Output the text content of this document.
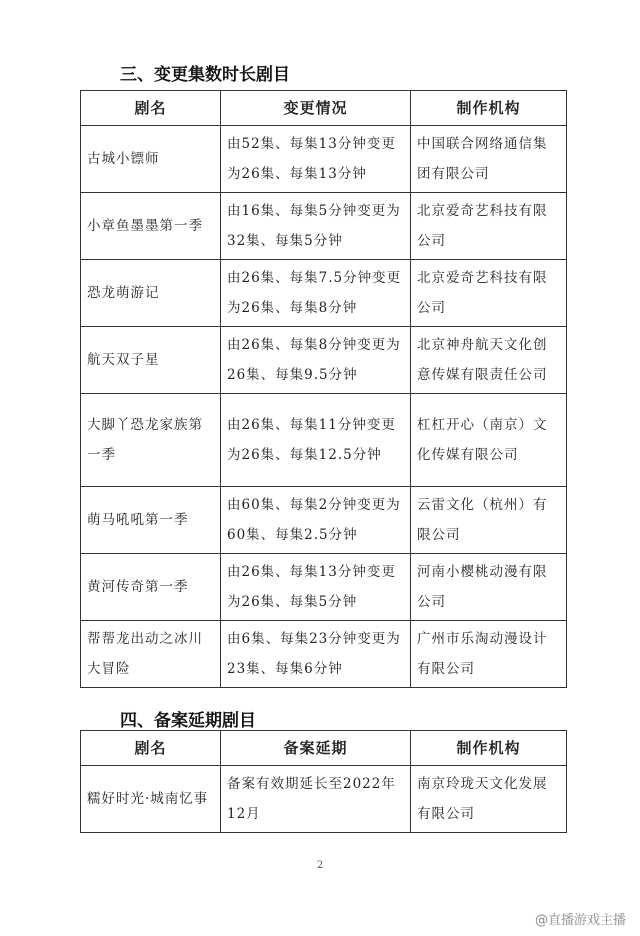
三、变更集数时长剧目
剧名	变更情况	制作机构
古城小镖师	由52集、每集13分钟变更为26集、每集13分钟	中国联合网络通信集团有限公司
小章鱼墨墨第一季	由16集、每集5分钟变更为32集、每集5分钟	北京爱奇艺科技有限公司
恐龙萌游记	由26集、每集7.5分钟变更为26集、每集8分钟	北京爱奇艺科技有限公司
航天双子星	由26集、每集8分钟变更为26集、每集9.5分钟	北京神舟航天文化创意传媒有限责任公司
大脚丫恐龙家族第一季	由26集、每集11分钟变更为26集、每集12.5分钟	杠杠开心（南京）文化传媒有限公司
萌马吼吼第一季	由60集、每集2分钟变更为60集、每集2.5分钟	云雷文化（杭州）有限公司
黄河传奇第一季	由26集、每集13分钟变更为26集、每集5分钟	河南小樱桃动漫有限公司
帮帮龙出动之冰川大冒险	由6集、每集23分钟变更为23集、每集6分钟	广州市乐淘动漫设计有限公司
四、备案延期剧目
剧名	备案延期	制作机构
糯好时光·城南忆事	备案有效期延长至2022年12月	南京玲珑天文化发展有限公司
2
@直播游戏主播
